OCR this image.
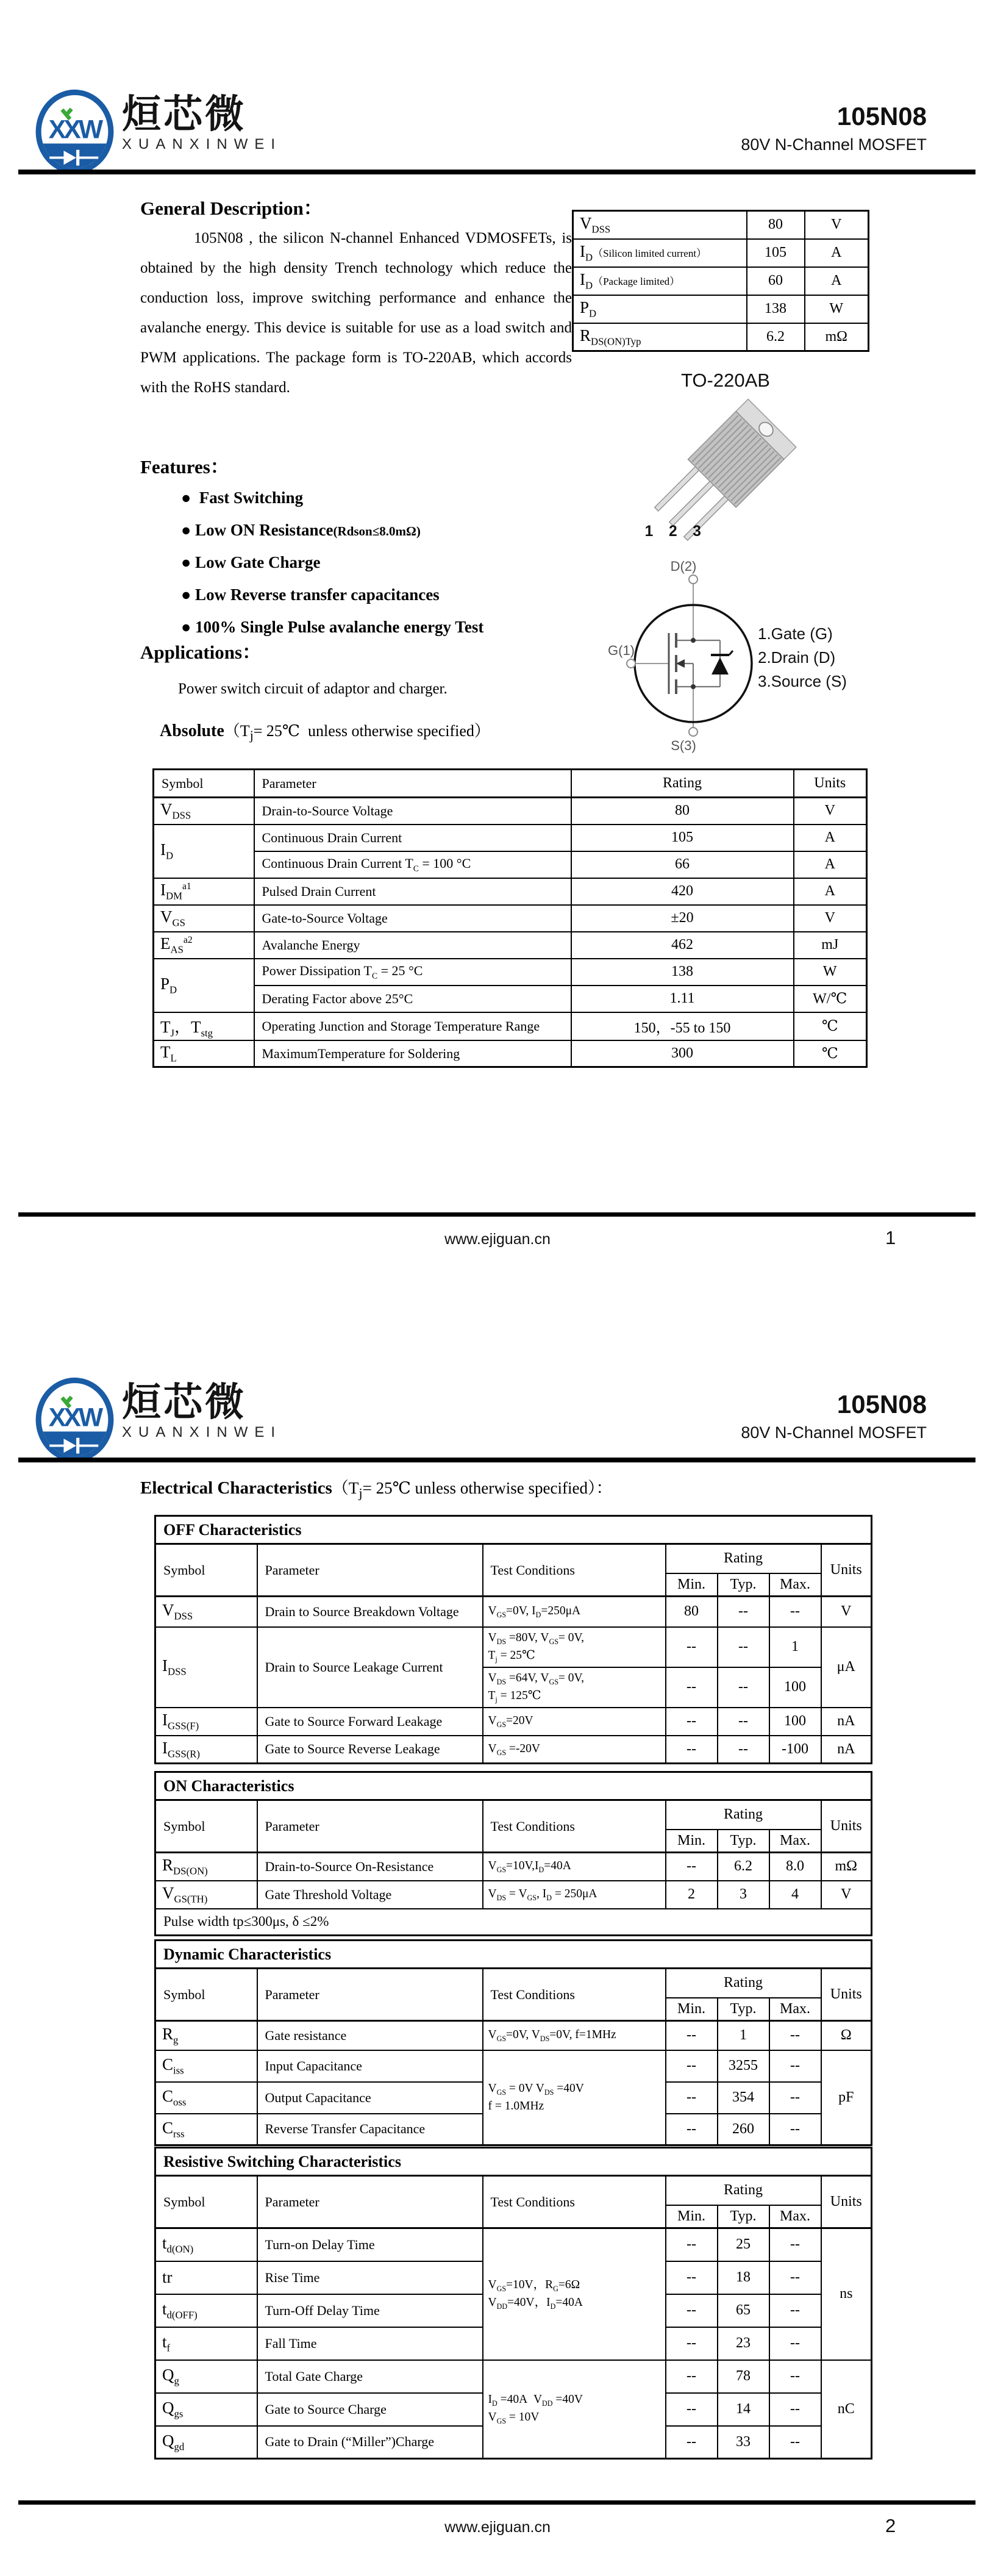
XXW 烜芯微
XUANXINWEI
105N08
80V N-Channel MOSFET
General Description：
105N08 , the silicon N-channel Enhanced VDMOSFETs, is obtained by the high density Trench technology which reduce the conduction loss, improve switching performance and enhance the avalanche energy. This device is suitable for use as a load switch and PWM applications. The package form is TO-220AB, which accords with the RoHS standard.
$V_{DSS}$	80	V
$I_D(Silicon$ limited current）	105	A
$I_D(Package$ limited）	60	A
$P_D$	138	W
$R_{DS(ON)Typ}$	6.2	mΩ
TO-220AB
1 2 3
D(2)
G(1)
S(3)
1.Gate (G)
2.Drain (D)
3.Source (S)
Features：
●  Fast Switching
● Low ON Resistance(Rdson≤8.0mΩ)
● Low Gate Charge
● Low Reverse transfer capacitances
● 100% Single Pulse avalanche energy Test
Applications：
Power switch circuit of adaptor and charger.
$Absolute(T_j=$ 25℃  unless otherwise specified）
Symbol	Parameter	Rating	Units
$V_{DSS}$	Drain-to-Source Voltage	80	V
$I_D$	Continuous Drain Current	105	A
	Continuous Drain Current $T_C = 100$ °C	66	A
$I_{DM}^{a1}$	Pulsed Drain Current	420	A
$V_{GS}$	Gate-to-Source Voltage	±20	V
$E_{AS}^{a2}$	Avalanche Energy	462	mJ
$P_D$	Power Dissipation $T_C = 25$ °C	138	W
	Derating Factor above 25°C	1.11	W/℃
$T_J$，$T_{stg}$	Operating Junction and Storage Temperature Range	150，-55 to 150	℃
$T_L$	MaximumTemperature for Soldering	300	℃
www.ejiguan.cn	1
XXW 烜芯微
XUANXINWEI
105N08
80V N-Channel MOSFET
Electrical $Characteristics(T_j=$ 25℃ unless otherwise specified）：
OFF Characteristics						
Symbol	Parameter	Test Conditions	Rating			Units
			Min.	Typ.	Max.	
$V_{DSS}$	Drain to Source Breakdown Voltage	$V_{GS}=0V$, $I_D=250\mu A$	80	--	--	V
$I_{DSS}$	Drain to Source Leakage Current	$V_{DS} =80V$, $V_{GS}= 0V$,
$T_j$ = 25℃	--	--	1	μA
		$V_{DS} =64V$, $V_{GS}= 0V$,
$T_j$ = 125℃	--	--	100	
$I_{GSS(F)}$	Gate to Source Forward Leakage	$V_{GS}=20V$	--	--	100	nA
$I_{GSS(R)}$	Gate to Source Reverse Leakage	$V_{GS} =-20V$	--	--	-100	nA
ON Characteristics						
Symbol	Parameter	Test Conditions	Rating			Units
			Min.	Typ.	Max.	
$R_{DS(ON)}$	Drain-to-Source On-Resistance	$V_{GS}=10V,I_D=40A$	--	6.2	8.0	mΩ
$V_{GS(TH)}$	Gate Threshold Voltage	$V_{DS} = V_{GS}$, $I_D = 250\mu A$	2	3	4	V
Pulse width tp≤300μs, δ ≤2%						
Dynamic Characteristics						
Symbol	Parameter	Test Conditions	Rating			Units
			Min.	Typ.	Max.	
$R_g$	Gate resistance	$V_{GS}=0V$, $V_{DS}=0V$, f=1MHz	--	1	--	Ω
$C_{iss}$	Input Capacitance	$V_{GS} = 0V$ $V_{DS} =40V$
f = 1.0MHz	--	3255	--	pF
$C_{oss}$	Output Capacitance		--	354	--	
$C_{rss}$	Reverse Transfer Capacitance		--	260	--	
Resistive Switching Characteristics						
Symbol	Parameter	Test Conditions	Rating			Units
			Min.	Typ.	Max.	
$t_{d(ON)}$	Turn-on Delay Time	$V_{GS}=10V$，$R_G=6\Omega$
$V_{DD}=40V$，$I_D=40A$	--	25	--	ns
tr	Rise Time		--	18	--	
$t_{d(OFF)}$	Turn-Off Delay Time		--	65	--	
$t_f$	Fall Time		--	23	--	
$Q_g$	Total Gate Charge	$I_D =40A$  $V_{DD} =40V$
$V_{GS} = 10V$	--	78	--	nC
$Q_{gs}$	Gate to Source Charge		--	14	--	
$Q_{gd}$	Gate to Drain (“Miller”)Charge		--	33	--	
www.ejiguan.cn	2
